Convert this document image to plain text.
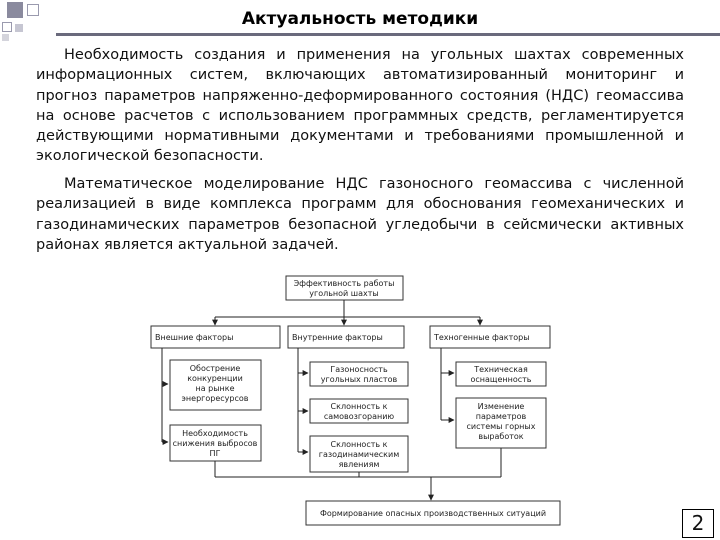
Актуальность методики

Необходимость создания и применения на угольных шахтах современных информационных систем, включающих автоматизированный мониторинг и прогноз параметров напряженно-деформированного состояния (НДС) геомассива на основе расчетов с использованием программных средств, регламентируется действующими нормативными документами и требованиями промышленной и экологической безопасности.

Математическое моделирование НДС газоносного геомассива с численной реализацией в виде комплекса программ для обоснования геомеханических и газодинамических параметров безопасной угледобычи в сейсмически активных районах является актуальной задачей.

Эффективность работы
угольной шахты
Внешние факторы	Внутренние факторы	Техногенные факторы
Обострение
конкуренции
на рынке
энергоресурсов
Необходимость
снижения выбросов
ПГ
Газоносность
угольных пластов
Склонность к
самовозгоранию
Склонность к
газодинамическим
явлениям
Техническая
оснащенность
Изменение
параметров
системы горных
выработок
Формирование опасных производственных ситуаций	2
